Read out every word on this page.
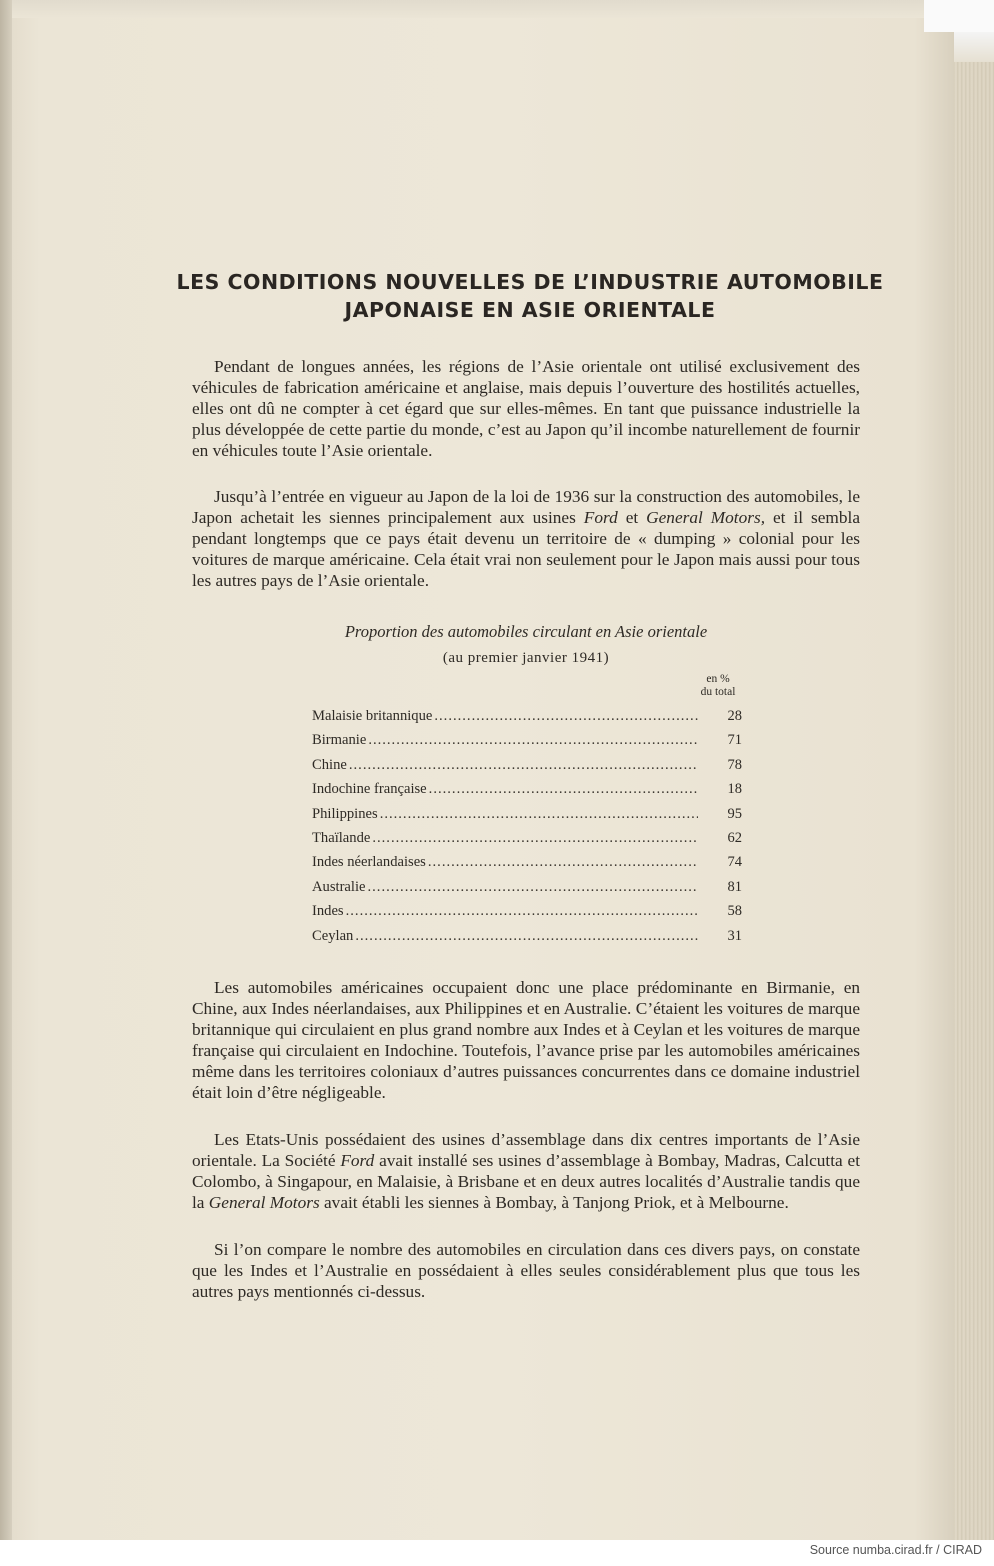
LES CONDITIONS NOUVELLES DE L’INDUSTRIE AUTOMOBILE
JAPONAISE EN ASIE ORIENTALE

Pendant de longues années, les régions de l’Asie orientale ont utilisé exclusivement des véhicules de fabrication américaine et anglaise, mais depuis l’ouverture des hostilités actuelles, elles ont dû ne compter à cet égard que sur elles-mêmes. En tant que puissance industrielle la plus développée de cette partie du monde, c’est au Japon qu’il incombe naturellement de fournir en véhicules toute l’Asie orientale.

Jusqu’à l’entrée en vigueur au Japon de la loi de 1936 sur la construction des automobiles, le Japon achetait les siennes principalement aux usines Ford et General Motors, et il sembla pendant longtemps que ce pays était devenu un territoire de « dumping » colonial pour les voitures de marque américaine. Cela était vrai non seulement pour le Japon mais aussi pour tous les autres pays de l’Asie orientale.

Proportion des automobiles circulant en Asie orientale

(au premier janvier 1941)

en %
du total
Malaisie britannique .....	28
Birmanie .....	71
Chine .....	78
Indochine française .....	18
Philippines .....	95
Thaïlande .....	62
Indes néerlandaises .....	74
Australie .....	81
Indes .....	58
Ceylan .....	31

Les automobiles américaines occupaient donc une place prédominante en Birmanie, en Chine, aux Indes néerlandaises, aux Philippines et en Australie. C’étaient les voitures de marque britannique qui circulaient en plus grand nombre aux Indes et à Ceylan et les voitures de marque française qui circulaient en Indochine. Toutefois, l’avance prise par les automobiles américaines même dans les territoires coloniaux d’autres puissances concurrentes dans ce domaine industriel était loin d’être négligeable.

Les Etats-Unis possédaient des usines d’assemblage dans dix centres importants de l’Asie orientale. La Société Ford avait installé ses usines d’assemblage à Bombay, Madras, Calcutta et Colombo, à Singapour, en Malaisie, à Brisbane et en deux autres localités d’Australie tandis que la General Motors avait établi les siennes à Bombay, à Tanjong Priok, et à Melbourne.

Si l’on compare le nombre des automobiles en circulation dans ces divers pays, on constate que les Indes et l’Australie en possédaient à elles seules considérablement plus que tous les autres pays mentionnés ci-dessus.

Source numba.cirad.fr / CIRAD
